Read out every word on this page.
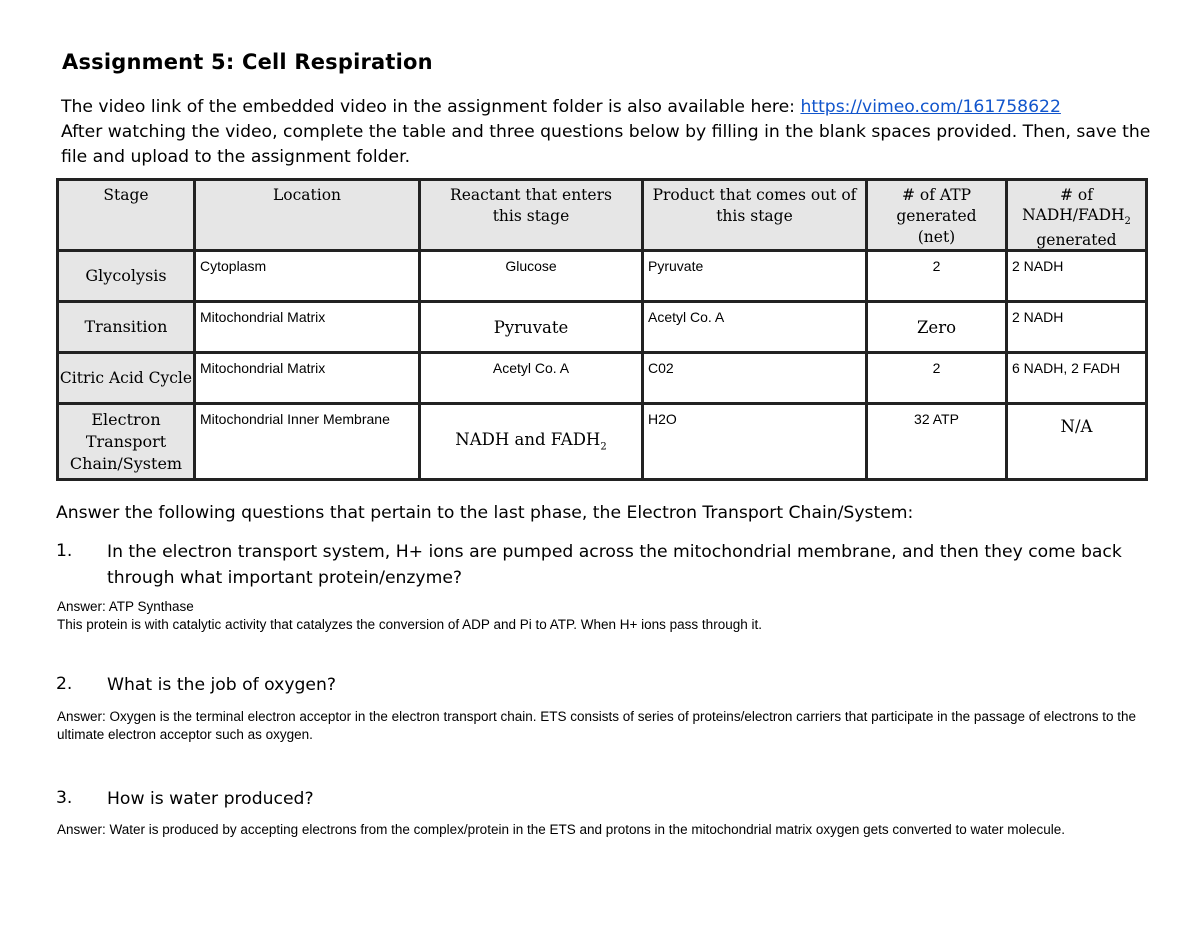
Assignment 5: Cell Respiration
The video link of the embedded video in the assignment folder is also available here: https://vimeo.com/161758622
After watching the video, complete the table and three questions below by filling in the blank spaces provided. Then, save the file and upload to the assignment folder.
Stage	Location	Reactant that enters this stage	Product that comes out of this stage	# of ATP generated (net)	# of
NADH/$FADH_2$
generated

Glycolysis	Cytoplasm	Glucose	Pyruvate	2	2 NADH
Transition	Mitochondrial Matrix	Pyruvate	Acetyl Co. A	Zero	2 NADH
Citric Acid Cycle	Mitochondrial Matrix	Acetyl Co. A	C02	2	6 NADH, 2 FADH

Electron Transport Chain/System	Mitochondrial Inner Membrane	NADH and $FADH_2$	H2O	32 ATP	N/A
Answer the following questions that pertain to the last phase, the Electron Transport Chain/System:
1. In the electron transport system, H+ ions are pumped across the mitochondrial membrane, and then they come back through what important protein/enzyme?
Answer: ATP Synthase
This protein is with catalytic activity that catalyzes the conversion of ADP and Pi to ATP. When H+ ions pass through it.
2. What is the job of oxygen?
Answer: Oxygen is the terminal electron acceptor in the electron transport chain. ETS consists of series of proteins/electron carriers that participate in the passage of electrons to the ultimate electron acceptor such as oxygen.
3. How is water produced?
Answer: Water is produced by accepting electrons from the complex/protein in the ETS and protons in the mitochondrial matrix oxygen gets converted to water molecule.
